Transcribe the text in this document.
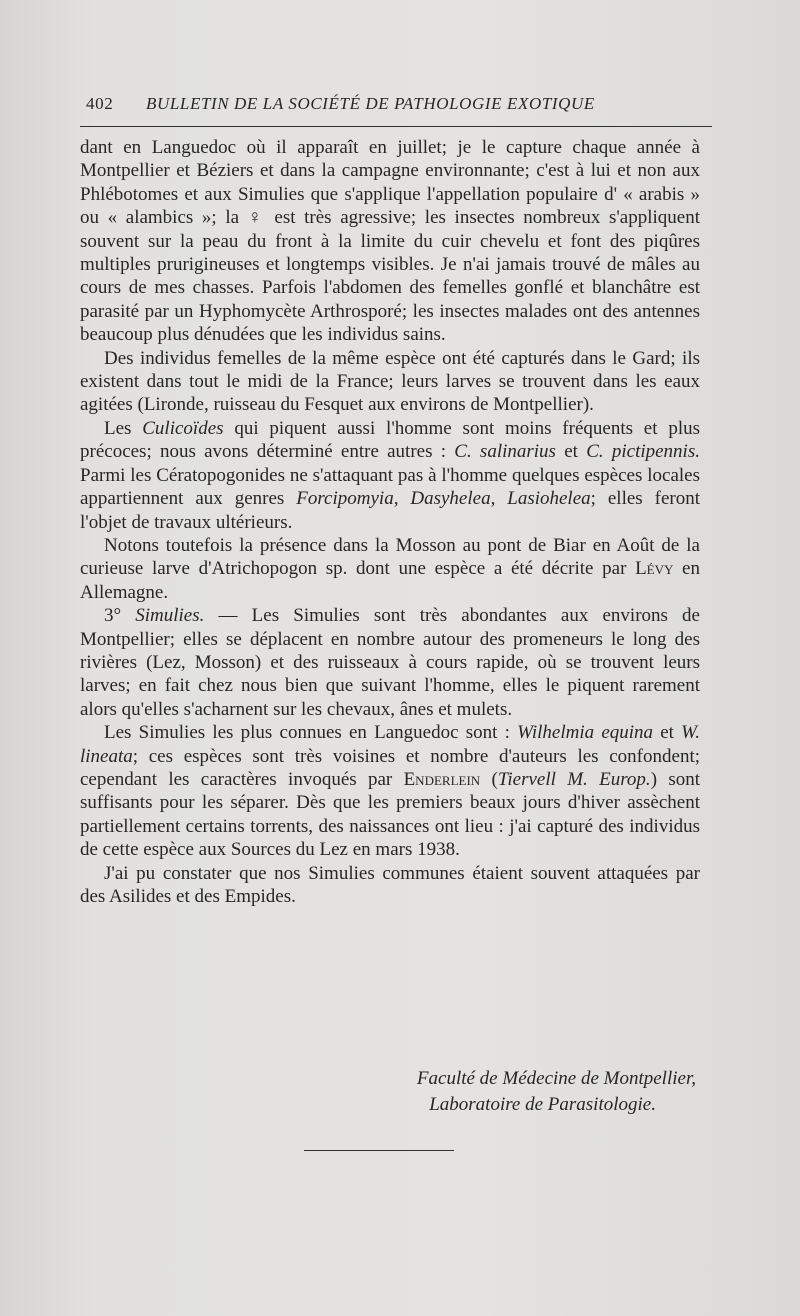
402 BULLETIN DE LA SOCIÉTÉ DE PATHOLOGIE EXOTIQUE

dant en Languedoc où il apparaît en juillet; je le capture chaque année à Montpellier et Béziers et dans la campagne environnante; c'est à lui et non aux Phlébotomes et aux Simulies que s'applique l'appellation populaire d' « arabis » ou « alambics »; la ♀ est très agressive; les insectes nombreux s'appliquent souvent sur la peau du front à la limite du cuir chevelu et font des piqûres multiples prurigineuses et longtemps visibles. Je n'ai jamais trouvé de mâles au cours de mes chasses. Parfois l'abdomen des femelles gonflé et blanchâtre est parasité par un Hyphomycète Arthrosporé; les insectes malades ont des antennes beaucoup plus dénudées que les individus sains.

Des individus femelles de la même espèce ont été capturés dans le Gard; ils existent dans tout le midi de la France; leurs larves se trouvent dans les eaux agitées (Lironde, ruisseau du Fesquet aux environs de Montpellier).

Les Culicoïdes qui piquent aussi l'homme sont moins fréquents et plus précoces; nous avons déterminé entre autres : C. salinarius et C. pictipennis. Parmi les Cératopogonides ne s'attaquant pas à l'homme quelques espèces locales appartiennent aux genres Forcipomyia, Dasyhelea, Lasiohelea; elles feront l'objet de travaux ultérieurs.

Notons toutefois la présence dans la Mosson au pont de Biar en Août de la curieuse larve d'Atrichopogon sp. dont une espèce a été décrite par Lévy en Allemagne.

3° Simulies. — Les Simulies sont très abondantes aux environs de Montpellier; elles se déplacent en nombre autour des promeneurs le long des rivières (Lez, Mosson) et des ruisseaux à cours rapide, où se trouvent leurs larves; en fait chez nous bien que suivant l'homme, elles le piquent rarement alors qu'elles s'acharnent sur les chevaux, ânes et mulets.

Les Simulies les plus connues en Languedoc sont : Wilhelmia equina et W. lineata; ces espèces sont très voisines et nombre d'auteurs les confondent; cependant les caractères invoqués par Enderlein (Tiervell M. Europ.) sont suffisants pour les séparer. Dès que les premiers beaux jours d'hiver assèchent partiellement certains torrents, des naissances ont lieu : j'ai capturé des individus de cette espèce aux Sources du Lez en mars 1938.

J'ai pu constater que nos Simulies communes étaient souvent attaquées par des Asilides et des Empides.

Faculté de Médecine de Montpellier,
Laboratoire de Parasitologie.
